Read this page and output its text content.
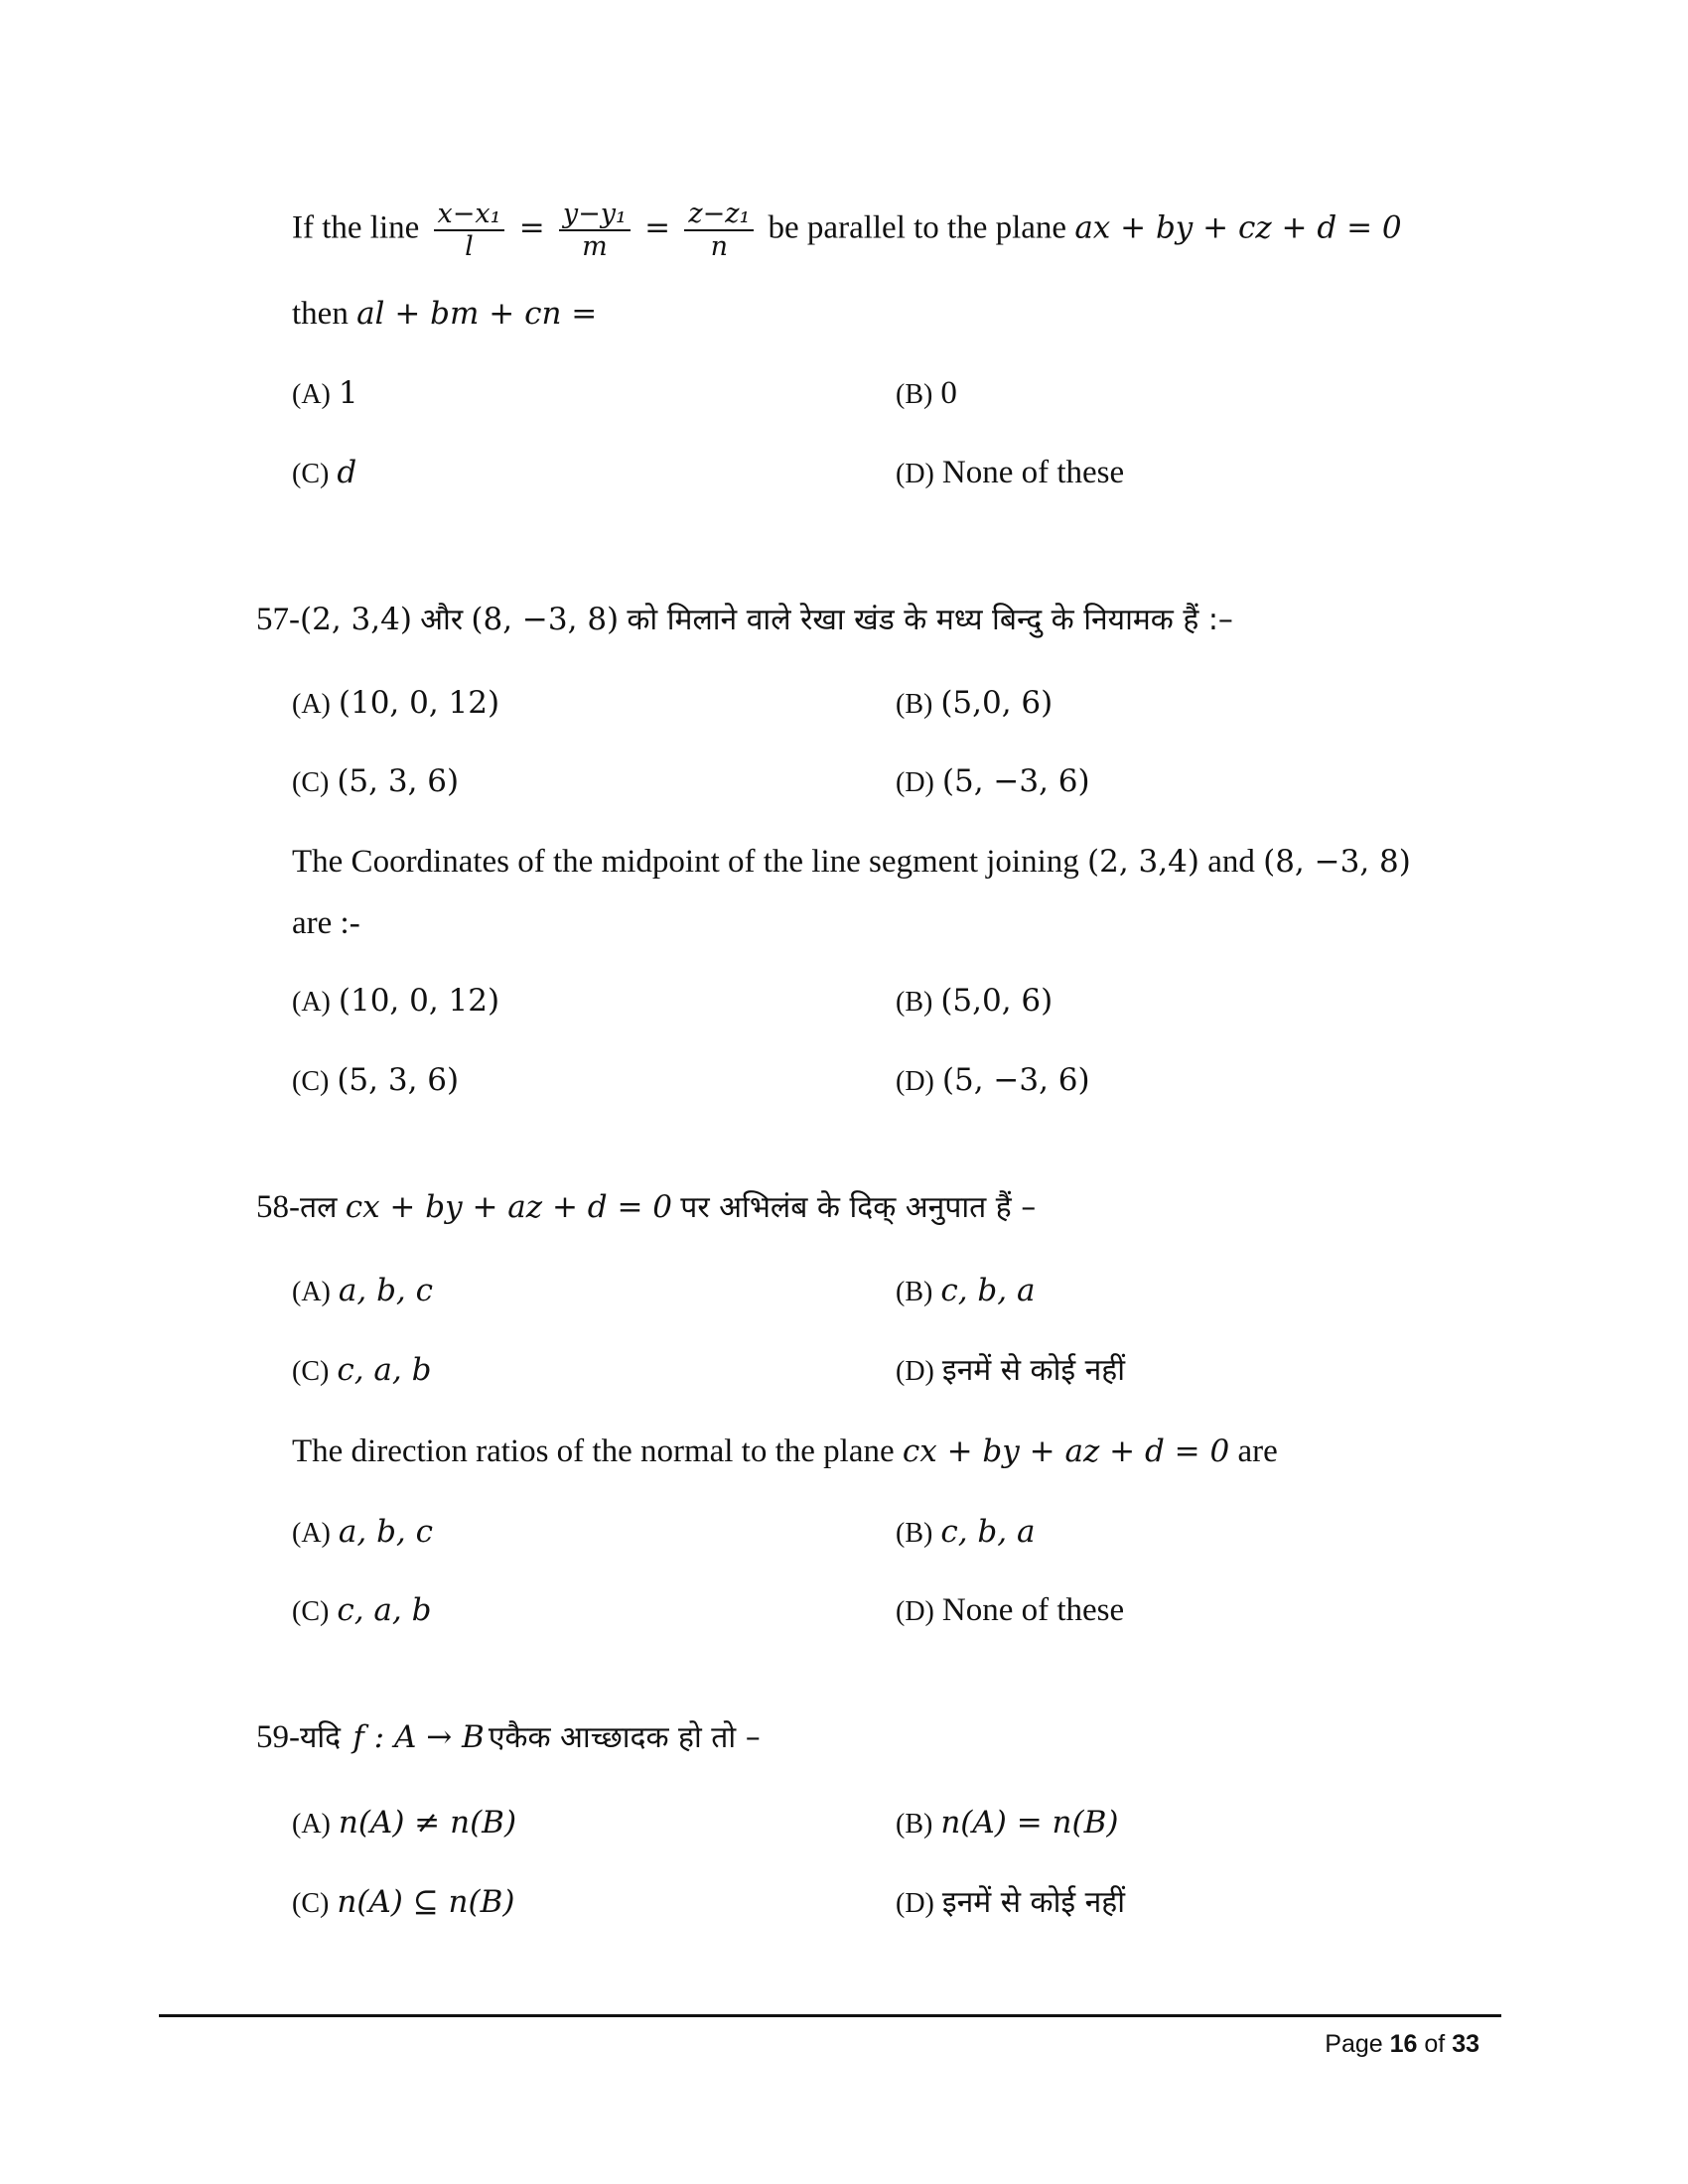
If the line $\frac{\text{x−x₁}}{l} = \frac{\text{y−y₁}}{m} = \frac{\text{z−z₁}}{n}$ be parallel to the plane ax + by + cz + d = 0
then al + bm + cn =
(A) 1	(B) 0
(C) d	(D) None of these
57-(2, 3,4) और (8, −3, 8) को मिलाने वाले रेखा खंड के मध्य बिन्दु के नियामक हैं :–
(A) (10, 0, 12)	(B) (5,0, 6)
(C) (5, 3, 6)	(D) (5, −3, 6)
The Coordinates of the midpoint of the line segment joining (2, 3,4) and (8, −3, 8)
are :-
(A) (10, 0, 12)	(B) (5,0, 6)
(C) (5, 3, 6)	(D) (5, −3, 6)
58-तल cx + by + az + d = 0 पर अभिलंब के दिक् अनुपात हैं –
(A) a, b, c	(B) c, b, a
(C) c, a, b	(D) इनमें से कोई नहीं
The direction ratios of the normal to the plane cx + by + az + d = 0 are
(A) a, b, c	(B) c, b, a
(C) c, a, b	(D) None of these
59-यदि f : A → B एकैक आच्छादक हो तो –
(A) n(A) ≠ n(B)	(B) n(A) = n(B)
(C) n(A) ⊆ n(B)	(D) इनमें से कोई नहीं
Page 16 of 33
